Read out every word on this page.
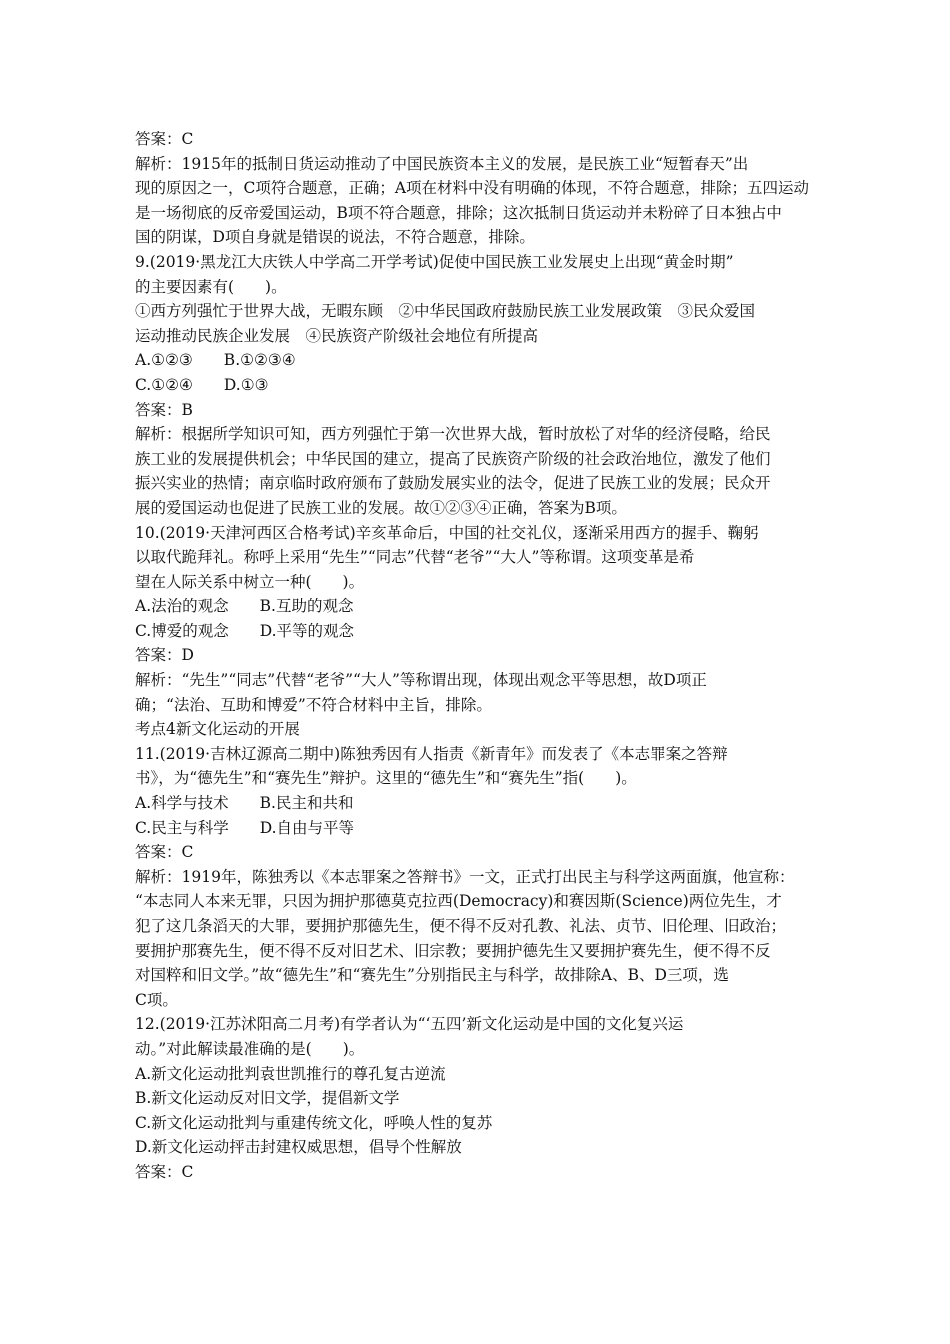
答案：C
解析：1915年的抵制日货运动推动了中国民族资本主义的发展，是民族工业“短暂春天”出
现的原因之一，C项符合题意，正确；A项在材料中没有明确的体现，不符合题意，排除；五四运动
是一场彻底的反帝爱国运动，B项不符合题意，排除；这次抵制日货运动并未粉碎了日本独占中
国的阴谋，D项自身就是错误的说法，不符合题意，排除。
9.(2019·黑龙江大庆铁人中学高二开学考试)促使中国民族工业发展史上出现“黄金时期”
的主要因素有(　　)。
①西方列强忙于世界大战，无暇东顾　②中华民国政府鼓励民族工业发展政策　③民众爱国
运动推动民族企业发展　④民族资产阶级社会地位有所提高
A.①②③　　B.①②③④
C.①②④　　D.①③
答案：B
解析：根据所学知识可知，西方列强忙于第一次世界大战，暂时放松了对华的经济侵略，给民
族工业的发展提供机会；中华民国的建立，提高了民族资产阶级的社会政治地位，激发了他们
振兴实业的热情；南京临时政府颁布了鼓励发展实业的法令，促进了民族工业的发展；民众开
展的爱国运动也促进了民族工业的发展。故①②③④正确，答案为B项。
10.(2019·天津河西区合格考试)辛亥革命后，中国的社交礼仪，逐渐采用西方的握手、鞠躬
以取代跪拜礼。称呼上采用“先生”“同志”代替“老爷”“大人”等称谓。这项变革是希
望在人际关系中树立一种(　　)。
A.法治的观念　　B.互助的观念
C.博爱的观念　　D.平等的观念
答案：D
解析：“先生”“同志”代替“老爷”“大人”等称谓出现，体现出观念平等思想，故D项正
确；“法治、互助和博爱”不符合材料中主旨，排除。
考点4新文化运动的开展
11.(2019·吉林辽源高二期中)陈独秀因有人指责《新青年》而发表了《本志罪案之答辩
书》，为“德先生”和“赛先生”辩护。这里的“德先生”和“赛先生”指(　　)。
A.科学与技术　　B.民主和共和
C.民主与科学　　D.自由与平等
答案：C
解析：1919年，陈独秀以《本志罪案之答辩书》一文，正式打出民主与科学这两面旗，他宣称：
“本志同人本来无罪，只因为拥护那德莫克拉西(Democracy)和赛因斯(Science)两位先生，才
犯了这几条滔天的大罪，要拥护那德先生，便不得不反对孔教、礼法、贞节、旧伦理、旧政治；
要拥护那赛先生，便不得不反对旧艺术、旧宗教；要拥护德先生又要拥护赛先生，便不得不反
对国粹和旧文学。”故“德先生”和“赛先生”分别指民主与科学，故排除A、B、D三项，选
C项。
12.(2019·江苏沭阳高二月考)有学者认为“‘五四’新文化运动是中国的文化复兴运
动。”对此解读最准确的是(　　)。
A.新文化运动批判袁世凯推行的尊孔复古逆流
B.新文化运动反对旧文学，提倡新文学
C.新文化运动批判与重建传统文化，呼唤人性的复苏
D.新文化运动抨击封建权威思想，倡导个性解放
答案：C
